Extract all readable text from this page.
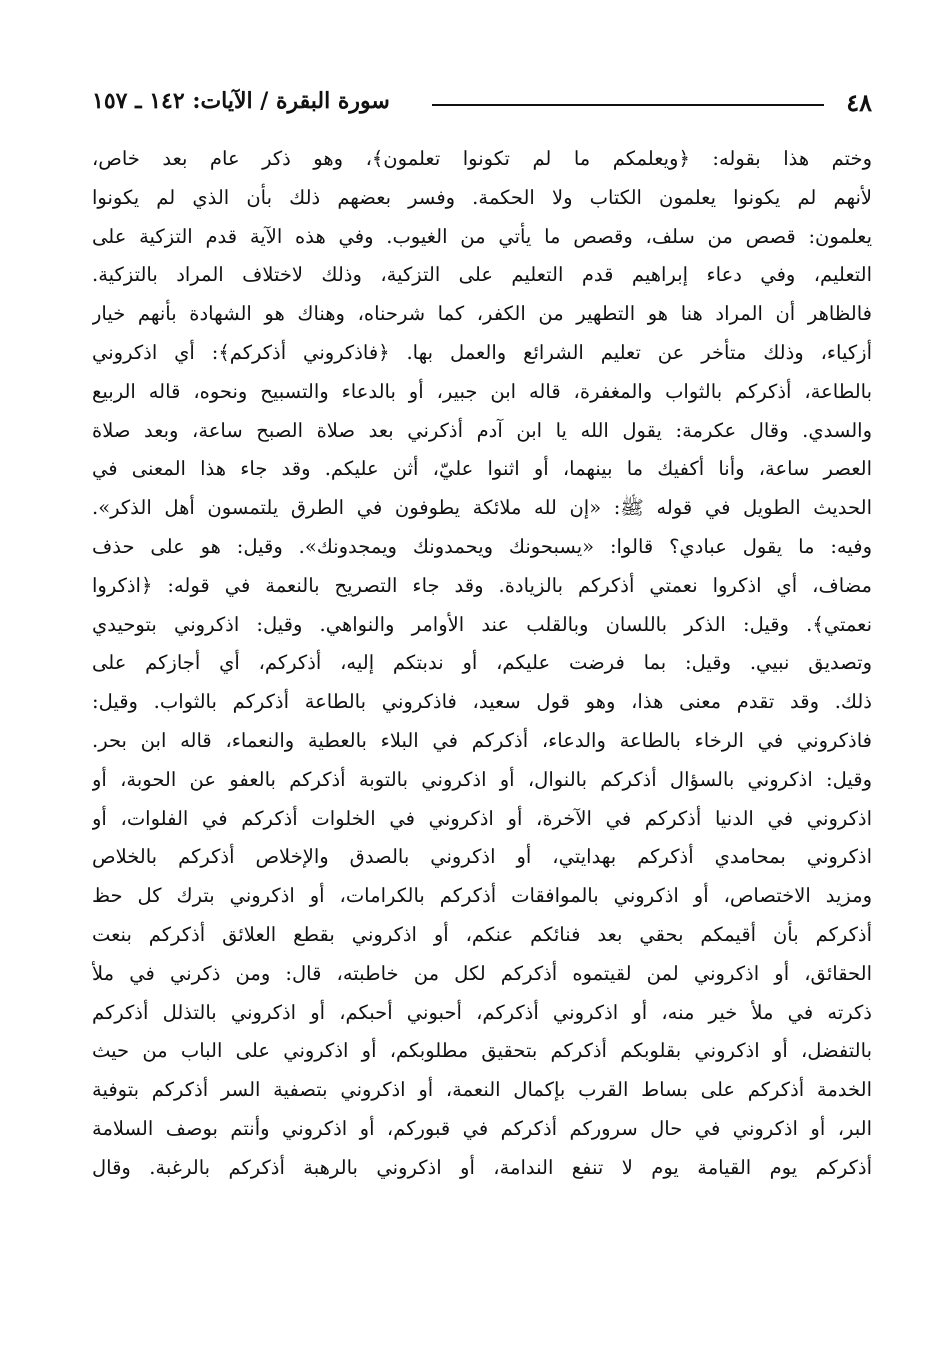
٤٨
سورة البقرة / الآيات: ١٤٢ ـ ١٥٧
وختم هذا بقوله: ﴿ويعلمكم ما لم تكونوا تعلمون﴾، وهو ذكر عام بعد خاص،
لأنهم لم يكونوا يعلمون الكتاب ولا الحكمة. وفسر بعضهم ذلك بأن الذي لم يكونوا
يعلمون: قصص من سلف، وقصص ما يأتي من الغيوب. وفي هذه الآية قدم التزكية على
التعليم، وفي دعاء إبراهيم قدم التعليم على التزكية، وذلك لاختلاف المراد بالتزكية.
فالظاهر أن المراد هنا هو التطهير من الكفر، كما شرحناه، وهناك هو الشهادة بأنهم خيار
أزكياء، وذلك متأخر عن تعليم الشرائع والعمل بها. ﴿فاذكروني أذكركم﴾: أي اذكروني
بالطاعة، أذكركم بالثواب والمغفرة، قاله ابن جبير، أو بالدعاء والتسبيح ونحوه، قاله الربيع
والسدي. وقال عكرمة: يقول الله يا ابن آدم أذكرني بعد صلاة الصبح ساعة، وبعد صلاة
العصر ساعة، وأنا أكفيك ما بينهما، أو اثنوا عليّ، أثن عليكم. وقد جاء هذا المعنى في
الحديث الطويل في قوله ﷺ: «إن لله ملائكة يطوفون في الطرق يلتمسون أهل الذكر».
وفيه: ما يقول عبادي؟ قالوا: «يسبحونك ويحمدونك ويمجدونك». وقيل: هو على حذف
مضاف، أي اذكروا نعمتي أذكركم بالزيادة. وقد جاء التصريح بالنعمة في قوله: ﴿اذكروا
نعمتي﴾. وقيل: الذكر باللسان وبالقلب عند الأوامر والنواهي. وقيل: اذكروني بتوحيدي
وتصديق نبيي. وقيل: بما فرضت عليكم، أو ندبتكم إليه، أذكركم، أي أجازكم على
ذلك. وقد تقدم معنى هذا، وهو قول سعيد، فاذكروني بالطاعة أذكركم بالثواب. وقيل:
فاذكروني في الرخاء بالطاعة والدعاء، أذكركم في البلاء بالعطية والنعماء، قاله ابن بحر.
وقيل: اذكروني بالسؤال أذكركم بالنوال، أو اذكروني بالتوبة أذكركم بالعفو عن الحوبة، أو
اذكروني في الدنيا أذكركم في الآخرة، أو اذكروني في الخلوات أذكركم في الفلوات، أو
اذكروني بمحامدي أذكركم بهدايتي، أو اذكروني بالصدق والإخلاص أذكركم بالخلاص
ومزيد الاختصاص، أو اذكروني بالموافقات أذكركم بالكرامات، أو اذكروني بترك كل حظ
أذكركم بأن أقيمكم بحقي بعد فنائكم عنكم، أو اذكروني بقطع العلائق أذكركم بنعت
الحقائق، أو اذكروني لمن لقيتموه أذكركم لكل من خاطبته، قال: ومن ذكرني في ملأ
ذكرته في ملأ خير منه، أو اذكروني أذكركم، أحبوني أحبكم، أو اذكروني بالتذلل أذكركم
بالتفضل، أو اذكروني بقلوبكم أذكركم بتحقيق مطلوبكم، أو اذكروني على الباب من حيث
الخدمة أذكركم على بساط القرب بإكمال النعمة، أو اذكروني بتصفية السر أذكركم بتوفية
البر، أو اذكروني في حال سروركم أذكركم في قبوركم، أو اذكروني وأنتم بوصف السلامة
أذكركم يوم القيامة يوم لا تنفع الندامة، أو اذكروني بالرهبة أذكركم بالرغبة. وقال
